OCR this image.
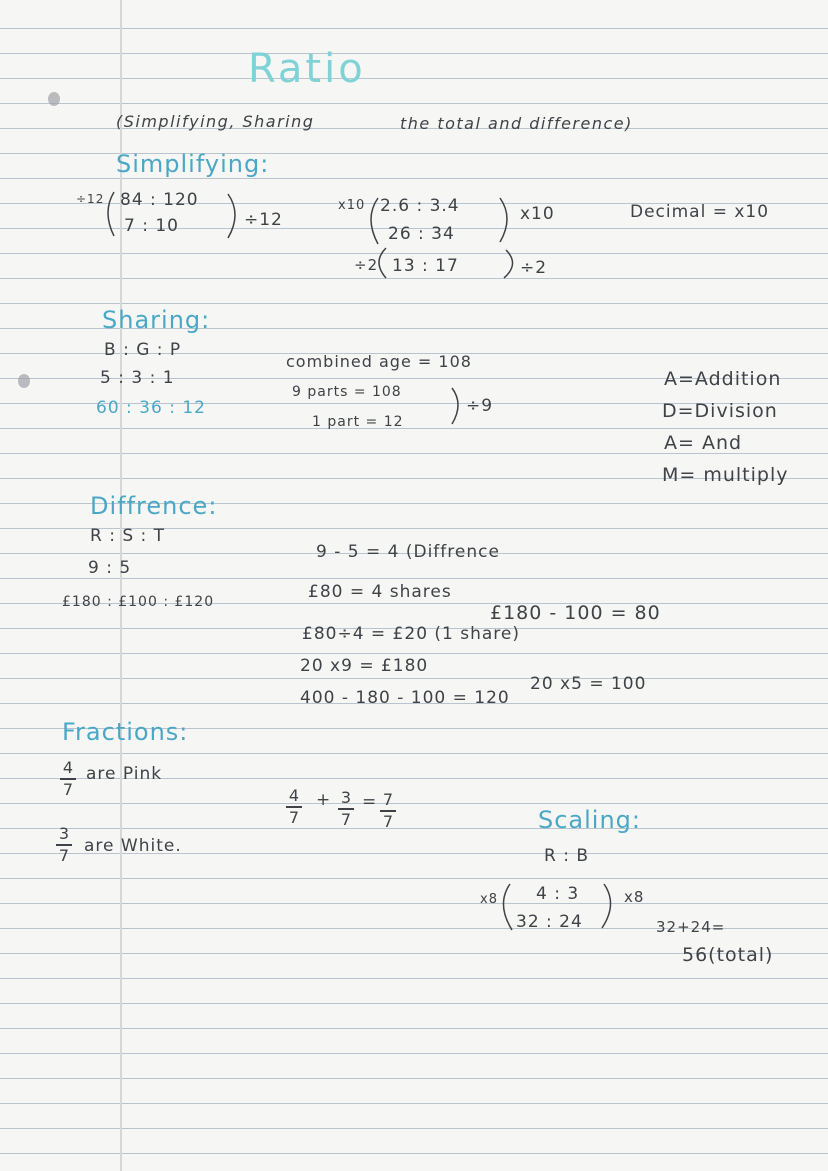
Ratio
(Simplifying, Sharing	the total and difference)
Simplifying:
÷12 84 : 120
7 : 10	÷12
x10 2.6 : 3.4
26 : 34
x10
÷2 13 : 17	÷2
Decimal = x10
Sharing:
B : G : P
5 : 3 : 1
60 : 36 : 12
combined age = 108
9 parts = 108
1 part = 12
÷9
A=Addition
D=Division
A= And
M= multiply
Diffrence:
R : S : T
9 : 5
£180 : £100 : £120
9 - 5 = 4 (Diffrence
£80 = 4 shares
£180 - 100 = 80
£80÷4 = £20 (1 share)
20 x9 = £180
20 x5 = 100
400 - 180 - 100 = 120
Fractions:
4
7
are Pink
3
7 are White.
4
7
+ 3
7
= 7
7	Scaling:
R : B
x8 4 : 3
32 : 24
x8
32+24=
56(total)
